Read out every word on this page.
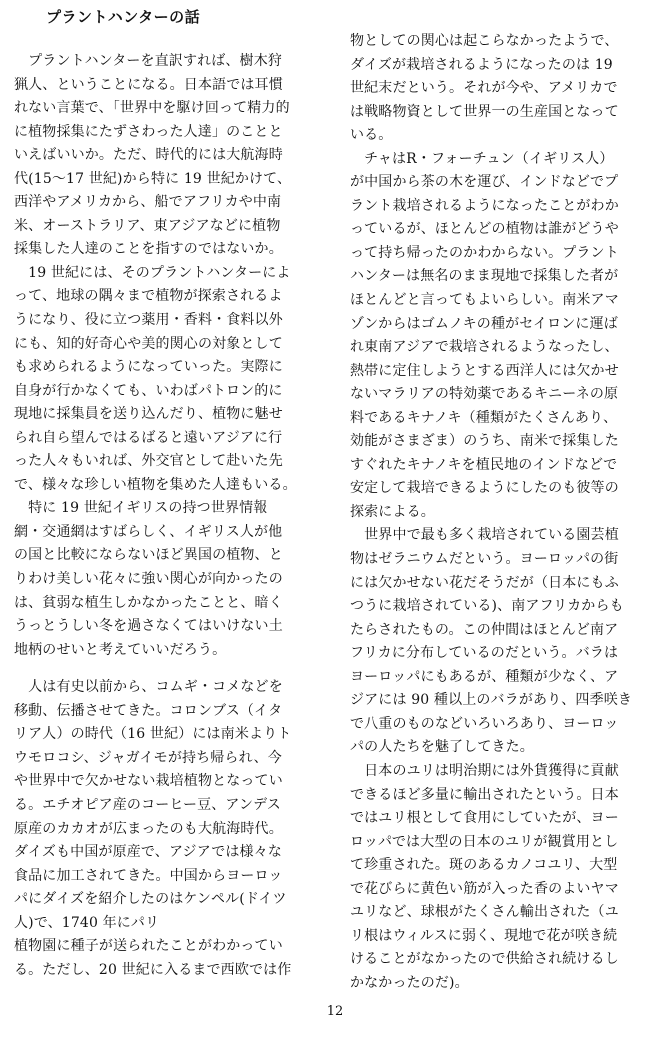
プラントハンターの話
　プラントハンターを直訳すれば、樹木狩
猟人、ということになる。日本語では耳慣
れない言葉で、「世界中を駆け回って精力的
に植物採集にたずさわった人達」のことと
いえばいいか。ただ、時代的には大航海時
代(15〜17 世紀)から特に 19 世紀かけて、
西洋やアメリカから、船でアフリカや中南
米、オーストラリア、東アジアなどに植物
採集した人達のことを指すのではないか。
　19 世紀には、そのプラントハンターによ
って、地球の隅々まで植物が探索されるよ
うになり、役に立つ薬用・香料・食料以外
にも、知的好奇心や美的関心の対象として
も求められるようになっていった。実際に
自身が行かなくても、いわばパトロン的に
現地に採集員を送り込んだり、植物に魅せ
られ自ら望んではるばると遠いアジアに行
った人々もいれば、外交官として赴いた先
で、様々な珍しい植物を集めた人達もいる。
　特に 19 世紀イギリスの持つ世界情報
網・交通網はすばらしく、イギリス人が他
の国と比較にならないほど異国の植物、と
りわけ美しい花々に強い関心が向かったの
は、貧弱な植生しかなかったことと、暗く
うっとうしい冬を過さなくてはいけない土
地柄のせいと考えていいだろう。
　人は有史以前から、コムギ・コメなどを
移動、伝播させてきた。コロンブス（イタ
リア人）の時代（16 世紀）には南米よりト
ウモロコシ、ジャガイモが持ち帰られ、今
や世界中で欠かせない栽培植物となってい
る。エチオピア産のコーヒー豆、アンデス
原産のカカオが広まったのも大航海時代。
ダイズも中国が原産で、アジアでは様々な
食品に加工されてきた。中国からヨーロッ
パにダイズを紹介したのはケンペル(ドイツ
人)で、1740 年にパリ
植物園に種子が送られたことがわかってい
る。ただし、20 世紀に入るまで西欧では作
物としての関心は起こらなかったようで、
ダイズが栽培されるようになったのは 19
世紀末だという。それが今や、アメリカで
は戦略物資として世界一の生産国となって
いる。
　チャはR・フォーチュン（イギリス人）
が中国から茶の木を運び、インドなどでプ
ラント栽培されるようになったことがわか
っているが、ほとんどの植物は誰がどうや
って持ち帰ったのかわからない。プラント
ハンターは無名のまま現地で採集した者が
ほとんどと言ってもよいらしい。南米アマ
ゾンからはゴムノキの種がセイロンに運ば
れ東南アジアで栽培されるようなったし、
熱帯に定住しようとする西洋人には欠かせ
ないマラリアの特効薬であるキニーネの原
料であるキナノキ（種類がたくさんあり、
効能がさまざま）のうち、南米で採集した
すぐれたキナノキを植民地のインドなどで
安定して栽培できるようにしたのも彼等の
探索による。
　世界中で最も多く栽培されている園芸植
物はゼラニウムだという。ヨーロッパの街
には欠かせない花だそうだが（日本にもふ
つうに栽培されている)、南アフリカからも
たらされたもの。この仲間はほとんど南ア
フリカに分布しているのだという。バラは
ヨーロッパにもあるが、種類が少なく、ア
ジアには 90 種以上のバラがあり、四季咲き
で八重のものなどいろいろあり、ヨーロッ
パの人たちを魅了してきた。
　日本のユリは明治期には外貨獲得に貢献
できるほど多量に輸出されたという。日本
ではユリ根として食用にしていたが、ヨー
ロッパでは大型の日本のユリが観賞用とし
て珍重された。斑のあるカノコユリ、大型
で花びらに黄色い筋が入った香のよいヤマ
ユリなど、球根がたくさん輸出された（ユ
リ根はウィルスに弱く、現地で花が咲き続
けることがなかったので供給され続けるし
かなかったのだ)。
12
